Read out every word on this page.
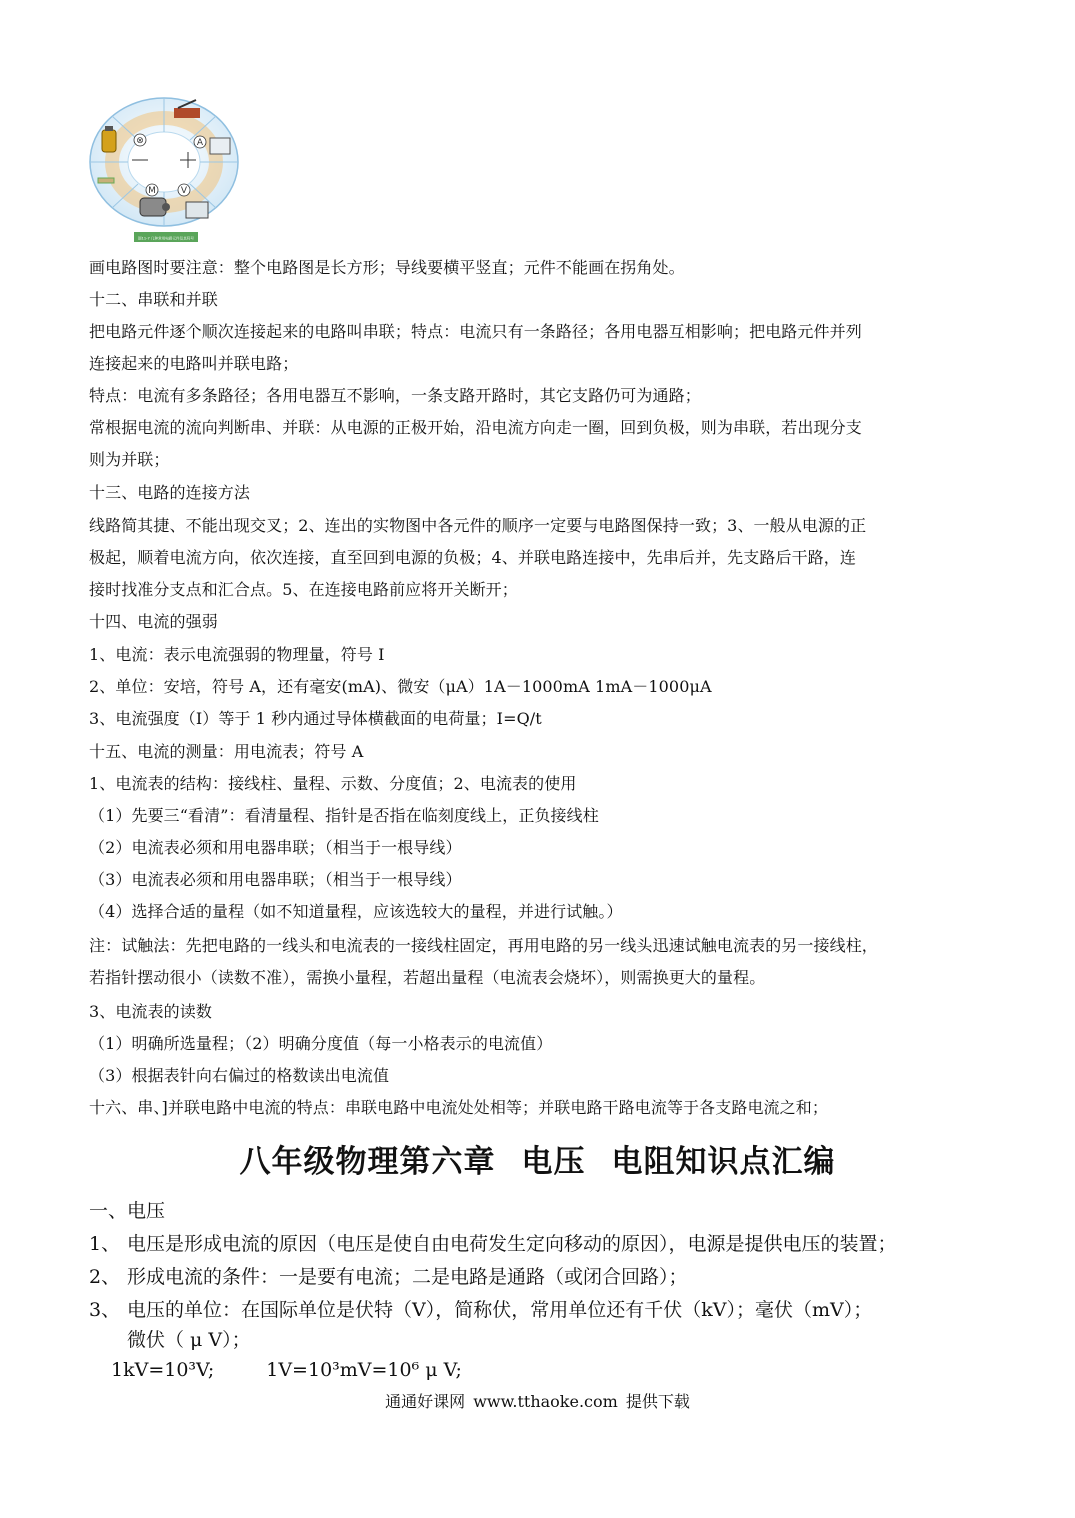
⊗	A
V
M
图11-7 几种常用电路元件及其符号
画电路图时要注意：整个电路图是长方形；导线要横平竖直；元件不能画在拐角处。
十二、串联和并联
把电路元件逐个顺次连接起来的电路叫串联；特点：电流只有一条路径；各用电器互相影响；把电路元件并列
连接起来的电路叫并联电路；
特点：电流有多条路径；各用电器互不影响，一条支路开路时，其它支路仍可为通路；
常根据电流的流向判断串、并联：从电源的正极开始，沿电流方向走一圈，回到负极，则为串联，若出现分支
则为并联；
十三、电路的连接方法
线路简其捷、不能出现交叉；2、连出的实物图中各元件的顺序一定要与电路图保持一致；3、一般从电源的正
极起，顺着电流方向，依次连接，直至回到电源的负极；4、并联电路连接中，先串后并，先支路后干路，连
接时找准分支点和汇合点。5、在连接电路前应将开关断开；
十四、电流的强弱
1、电流：表示电流强弱的物理量，符号 I
2、单位：安培，符号 A，还有毫安(mA)、微安（μA）1A－1000mA 1mA－1000μA
3、电流强度（I）等于 1 秒内通过导体横截面的电荷量；I=Q/t
十五、电流的测量：用电流表；符号 A
1、电流表的结构：接线柱、量程、示数、分度值；2、电流表的使用
（1）先要三“看清”：看清量程、指针是否指在临刻度线上，正负接线柱
（2）电流表必须和用电器串联；（相当于一根导线）
（3）电流表必须和用电器串联；（相当于一根导线）
（4）选择合适的量程（如不知道量程，应该选较大的量程，并进行试触。）
注：试触法：先把电路的一线头和电流表的一接线柱固定，再用电路的另一线头迅速试触电流表的另一接线柱，
若指针摆动很小（读数不准），需换小量程，若超出量程（电流表会烧坏），则需换更大的量程。
3、电流表的读数
（1）明确所选量程；（2）明确分度值（每一小格表示的电流值）
（3）根据表针向右偏过的格数读出电流值
十六、串、]并联电路中电流的特点：串联电路中电流处处相等；并联电路干路电流等于各支路电流之和；
八年级物理第六章 电压 电阻知识点汇编
一、电压
1、 电压是形成电流的原因（电压是使自由电荷发生定向移动的原因），电源是提供电压的装置；
2、 形成电流的条件：一是要有电流；二是电路是通路（或闭合回路）；
3、 电压的单位：在国际单位是伏特（V），简称伏，常用单位还有千伏（kV）；毫伏（mV）；
微伏（ μ V）；
1kV=10³V;	1V=10³mV=10⁶ μ V;
通通好课网 www.tthaoke.com 提供下载
